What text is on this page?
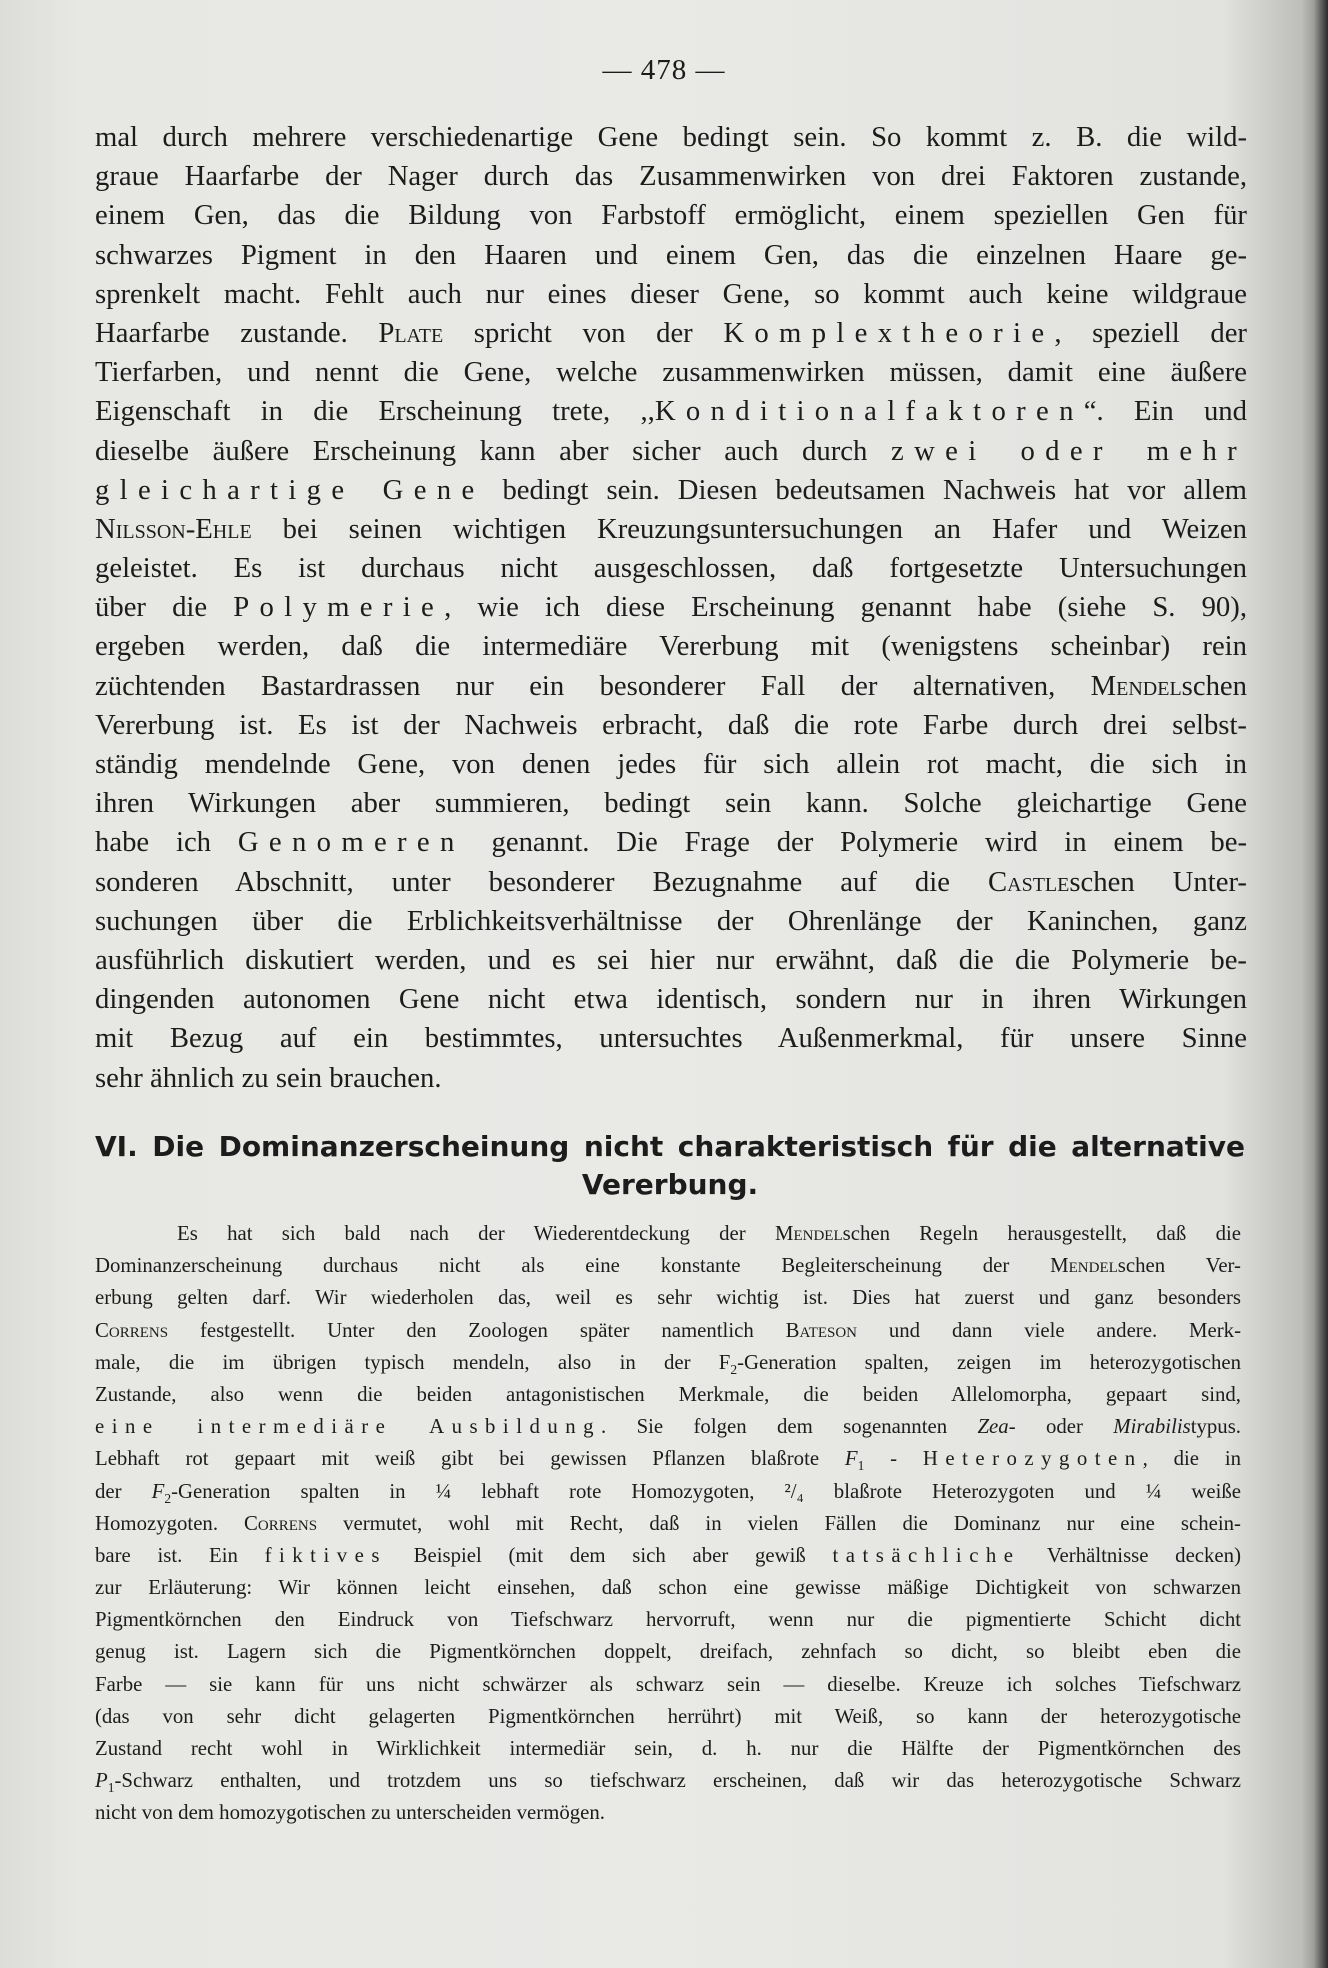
— 478 —
mal durch mehrere verschiedenartige Gene bedingt sein. So kommt z. B. die wild-
graue Haarfarbe der Nager durch das Zusammenwirken von drei Faktoren zustande,
einem Gen, das die Bildung von Farbstoff ermöglicht, einem speziellen Gen für
schwarzes Pigment in den Haaren und einem Gen, das die einzelnen Haare ge-
sprenkelt macht. Fehlt auch nur eines dieser Gene, so kommt auch keine wildgraue
Haarfarbe zustande. Plate spricht von der Komplextheorie, speziell der
Tierfarben, und nennt die Gene, welche zusammenwirken müssen, damit eine äußere
Eigenschaft in die Erscheinung trete, ,,Konditionalfaktoren“. Ein und
dieselbe äußere Erscheinung kann aber sicher auch durch zwei oder mehr
gleichartige Gene bedingt sein. Diesen bedeutsamen Nachweis hat vor allem
Nilsson-Ehle bei seinen wichtigen Kreuzungsuntersuchungen an Hafer und Weizen
geleistet. Es ist durchaus nicht ausgeschlossen, daß fortgesetzte Untersuchungen
über die Polymerie, wie ich diese Erscheinung genannt habe (siehe S. 90),
ergeben werden, daß die intermediäre Vererbung mit (wenigstens scheinbar) rein
züchtenden Bastardrassen nur ein besonderer Fall der alternativen, Mendelschen
Vererbung ist. Es ist der Nachweis erbracht, daß die rote Farbe durch drei selbst-
ständig mendelnde Gene, von denen jedes für sich allein rot macht, die sich in
ihren Wirkungen aber summieren, bedingt sein kann. Solche gleichartige Gene
habe ich Genomeren genannt. Die Frage der Polymerie wird in einem be-
sonderen Abschnitt, unter besonderer Bezugnahme auf die Castleschen Unter-
suchungen über die Erblichkeitsverhältnisse der Ohrenlänge der Kaninchen, ganz
ausführlich diskutiert werden, und es sei hier nur erwähnt, daß die die Polymerie be-
dingenden autonomen Gene nicht etwa identisch, sondern nur in ihren Wirkungen
mit Bezug auf ein bestimmtes, untersuchtes Außenmerkmal, für unsere Sinne
sehr ähnlich zu sein brauchen.
VI. Die Dominanzerscheinung nicht charakteristisch für die alternative
Vererbung.
Es hat sich bald nach der Wiederentdeckung der Mendelschen Regeln herausgestellt, daß die
Dominanzerscheinung durchaus nicht als eine konstante Begleiterscheinung der Mendelschen Ver-
erbung gelten darf. Wir wiederholen das, weil es sehr wichtig ist. Dies hat zuerst und ganz besonders
Correns festgestellt. Unter den Zoologen später namentlich Bateson und dann viele andere. Merk-
male, die im übrigen typisch mendeln, also in der $F_2$-Generation spalten, zeigen im heterozygotischen
Zustande, also wenn die beiden antagonistischen Merkmale, die beiden Allelomorpha, gepaart sind,
eine intermediäre Ausbildung. Sie folgen dem sogenannten Zea- oder Mirabilistypus.
Lebhaft rot gepaart mit weiß gibt bei gewissen Pflanzen blaßrote $F_1$ - Heterozygoten, die in
der $F_2$-Generation spalten in ¼ lebhaft rote Homozygoten, ²/₄ blaßrote Heterozygoten und ¼ weiße
Homozygoten. Correns vermutet, wohl mit Recht, daß in vielen Fällen die Dominanz nur eine schein-
bare ist. Ein fiktives Beispiel (mit dem sich aber gewiß tatsächliche Verhältnisse decken)
zur Erläuterung: Wir können leicht einsehen, daß schon eine gewisse mäßige Dichtigkeit von schwarzen
Pigmentkörnchen den Eindruck von Tiefschwarz hervorruft, wenn nur die pigmentierte Schicht dicht
genug ist. Lagern sich die Pigmentkörnchen doppelt, dreifach, zehnfach so dicht, so bleibt eben die
Farbe — sie kann für uns nicht schwärzer als schwarz sein — dieselbe. Kreuze ich solches Tiefschwarz
(das von sehr dicht gelagerten Pigmentkörnchen herrührt) mit Weiß, so kann der heterozygotische
Zustand recht wohl in Wirklichkeit intermediär sein, d. h. nur die Hälfte der Pigmentkörnchen des
$P_1$-Schwarz enthalten, und trotzdem uns so tiefschwarz erscheinen, daß wir das heterozygotische Schwarz
nicht von dem homozygotischen zu unterscheiden vermögen.
